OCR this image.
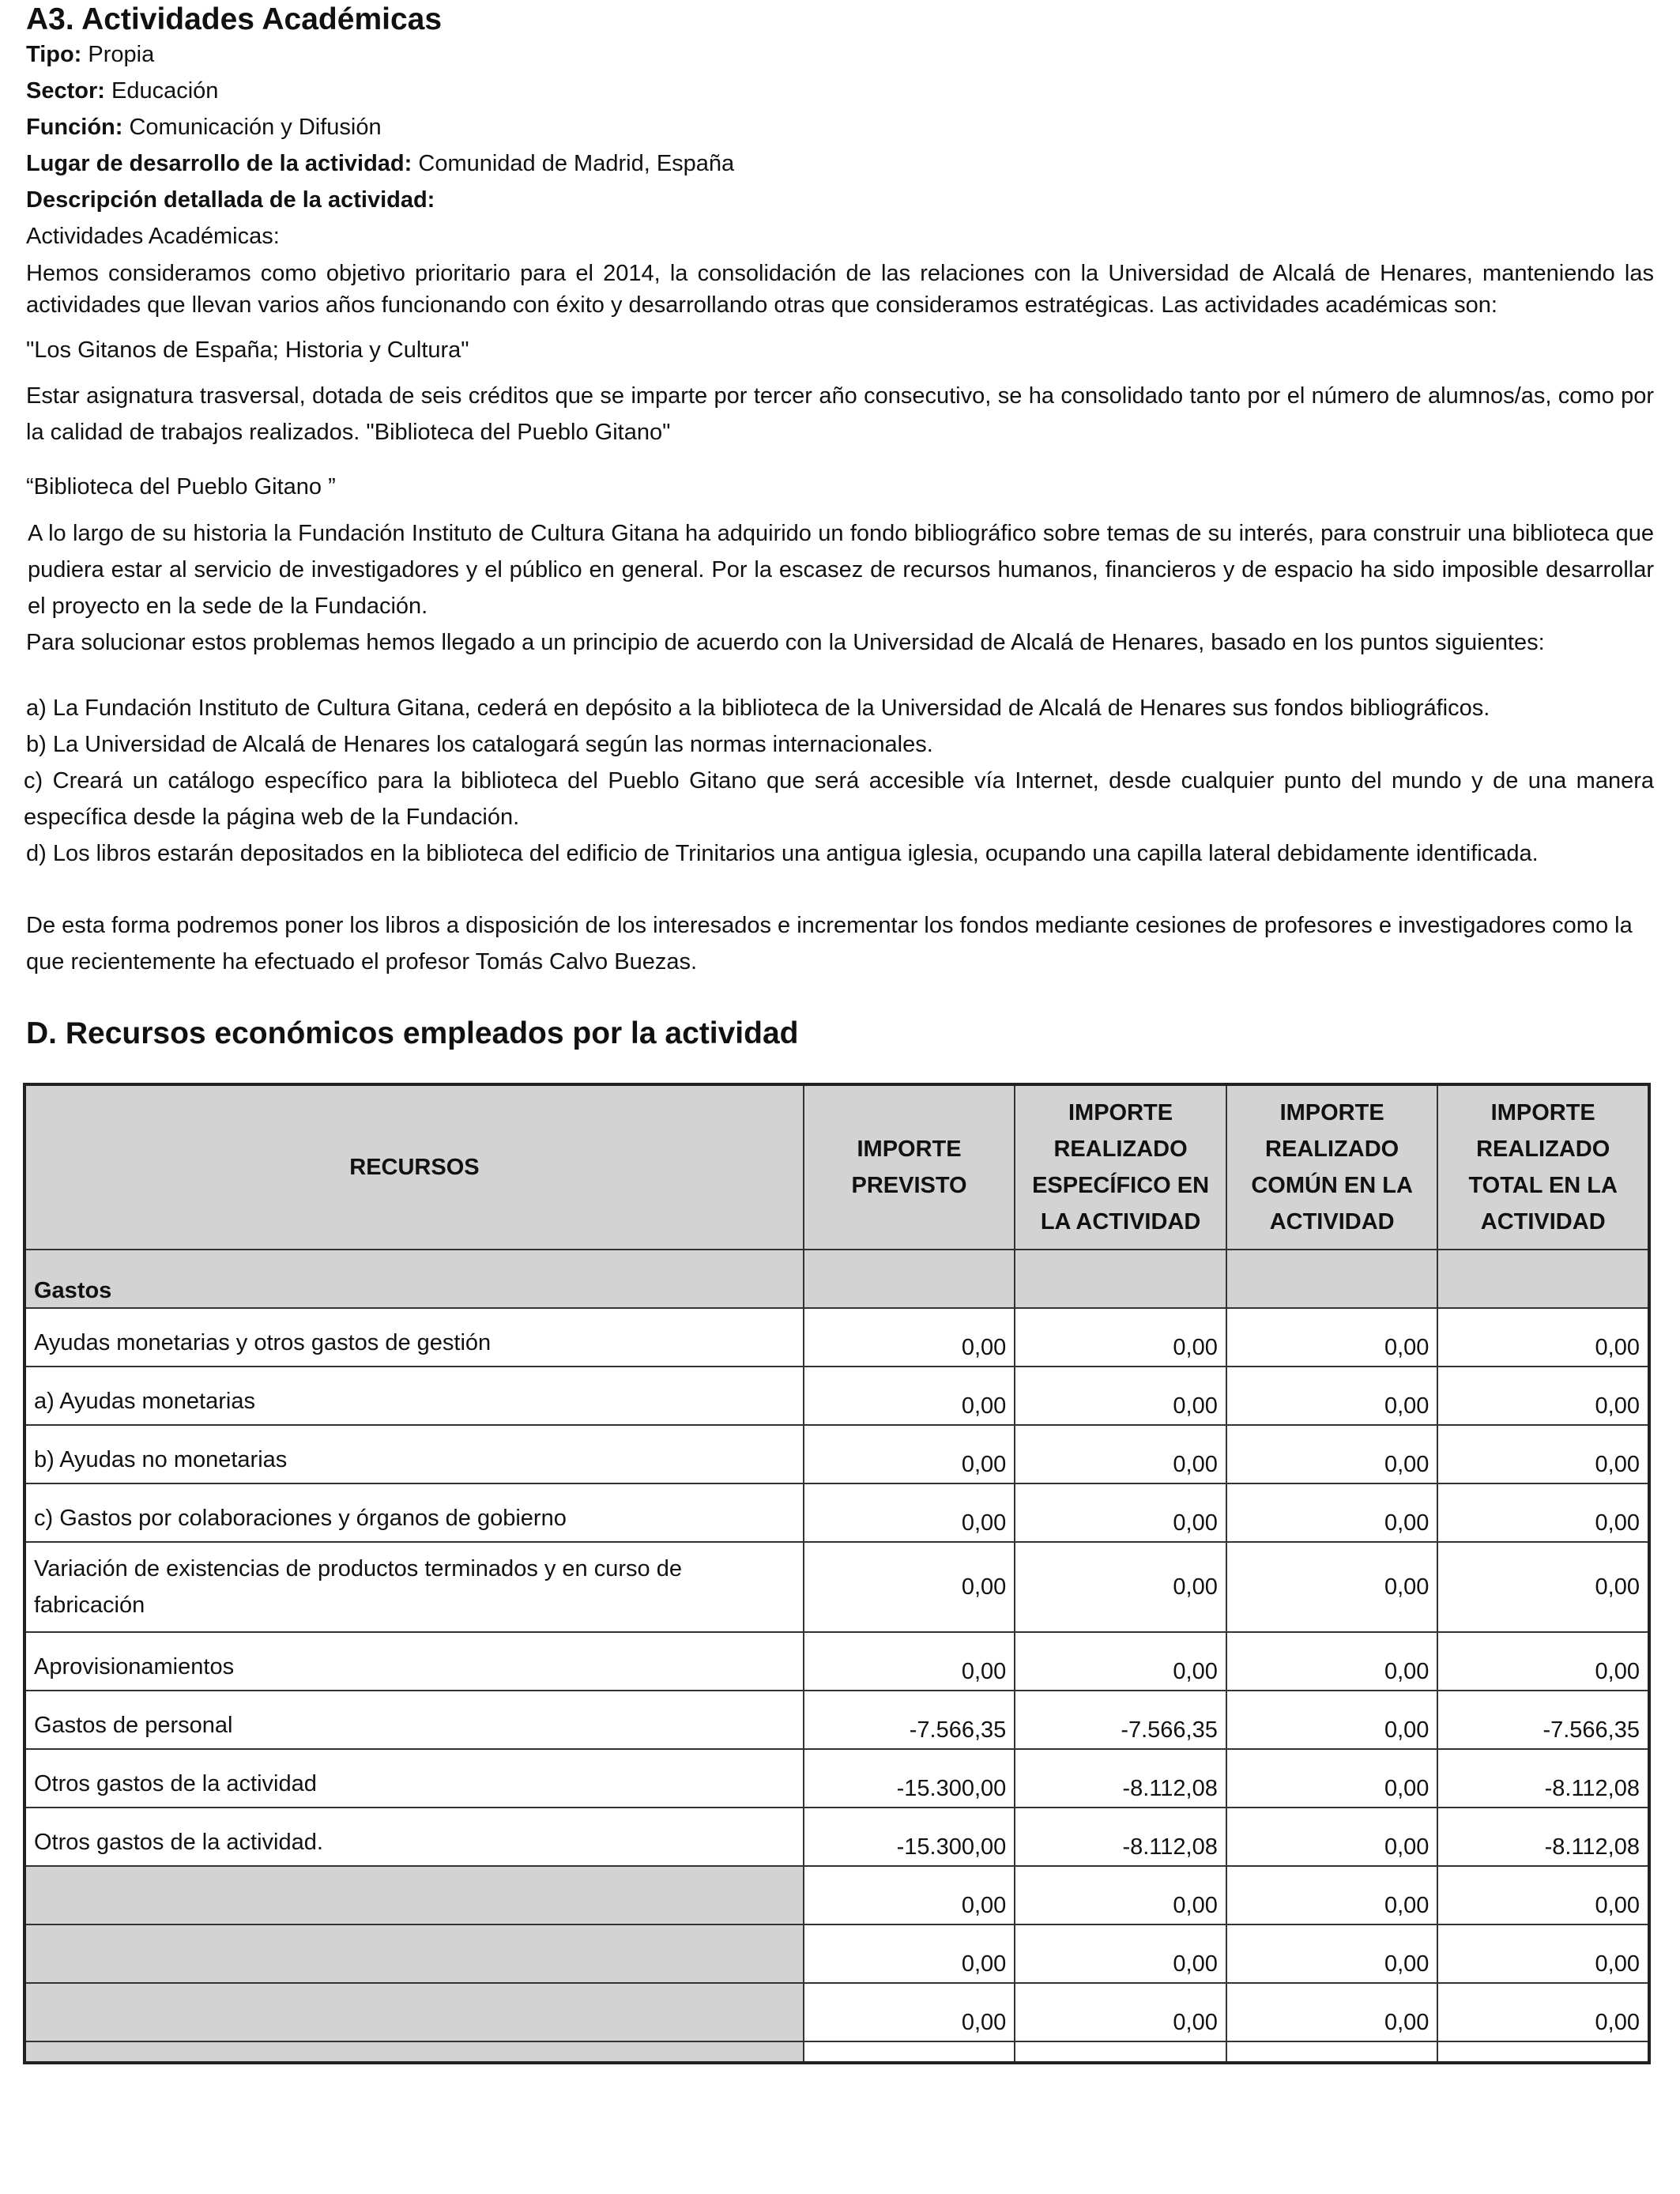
A3. Actividades Académicas
Tipo: Propia
Sector: Educación
Función: Comunicación y Difusión
Lugar de desarrollo de la actividad: Comunidad de Madrid, España
Descripción detallada de la actividad:
Actividades Académicas:

Hemos consideramos como objetivo prioritario para el 2014, la consolidación de las relaciones con la Universidad de Alcalá de Henares, manteniendo las actividades que llevan varios años funcionando con éxito y desarrollando otras que consideramos estratégicas. Las actividades académicas son:

"Los Gitanos de España; Historia y Cultura"

Estar asignatura trasversal, dotada de seis créditos que se imparte por tercer año consecutivo, se ha consolidado tanto por el número de alumnos/as, como por la calidad de trabajos realizados. "Biblioteca del Pueblo Gitano"

“Biblioteca del Pueblo Gitano ”

A lo largo de su historia la Fundación Instituto de Cultura Gitana ha adquirido un fondo bibliográfico sobre temas de su interés, para construir una biblioteca que pudiera estar al servicio de investigadores y el público en general. Por la escasez de recursos humanos, financieros y de espacio ha sido imposible desarrollar el proyecto en la sede de la Fundación.

Para solucionar estos problemas hemos llegado a un principio de acuerdo con la Universidad de Alcalá de Henares, basado en los puntos siguientes:

a) La Fundación Instituto de Cultura Gitana, cederá en depósito a la biblioteca de la Universidad de Alcalá de Henares sus fondos bibliográficos.

b) La Universidad de Alcalá de Henares los catalogará según las normas internacionales.

c) Creará un catálogo específico para la biblioteca del Pueblo Gitano que será accesible vía Internet, desde cualquier punto del mundo y de una manera específica desde la página web de la Fundación.

d) Los libros estarán depositados en la biblioteca del edificio de Trinitarios una antigua iglesia, ocupando una capilla lateral debidamente identificada.

De esta forma podremos poner los libros a disposición de los interesados e incrementar los fondos mediante cesiones de profesores e investigadores como la que recientemente ha efectuado el profesor Tomás Calvo Buezas.

D. Recursos económicos empleados por la actividad
RECURSOS	IMPORTE PREVISTO	IMPORTE REALIZADO ESPECÍFICO EN LA ACTIVIDAD	IMPORTE REALIZADO COMÚN EN LA ACTIVIDAD	IMPORTE REALIZADO TOTAL EN LA ACTIVIDAD
Gastos				
Ayudas monetarias y otros gastos de gestión	0,00	0,00	0,00	0,00
a) Ayudas monetarias	0,00	0,00	0,00	0,00
b) Ayudas no monetarias	0,00	0,00	0,00	0,00
c) Gastos por colaboraciones y órganos de gobierno	0,00	0,00	0,00	0,00
Variación de existencias de productos terminados y en curso de fabricación	0,00	0,00	0,00	0,00
Aprovisionamientos	0,00	0,00	0,00	0,00
Gastos de personal	-7.566,35	-7.566,35	0,00	-7.566,35
Otros gastos de la actividad	-15.300,00	-8.112,08	0,00	-8.112,08
Otros gastos de la actividad.	-15.300,00	-8.112,08	0,00	-8.112,08
	0,00	0,00	0,00	0,00
	0,00	0,00	0,00	0,00
	0,00	0,00	0,00	0,00
